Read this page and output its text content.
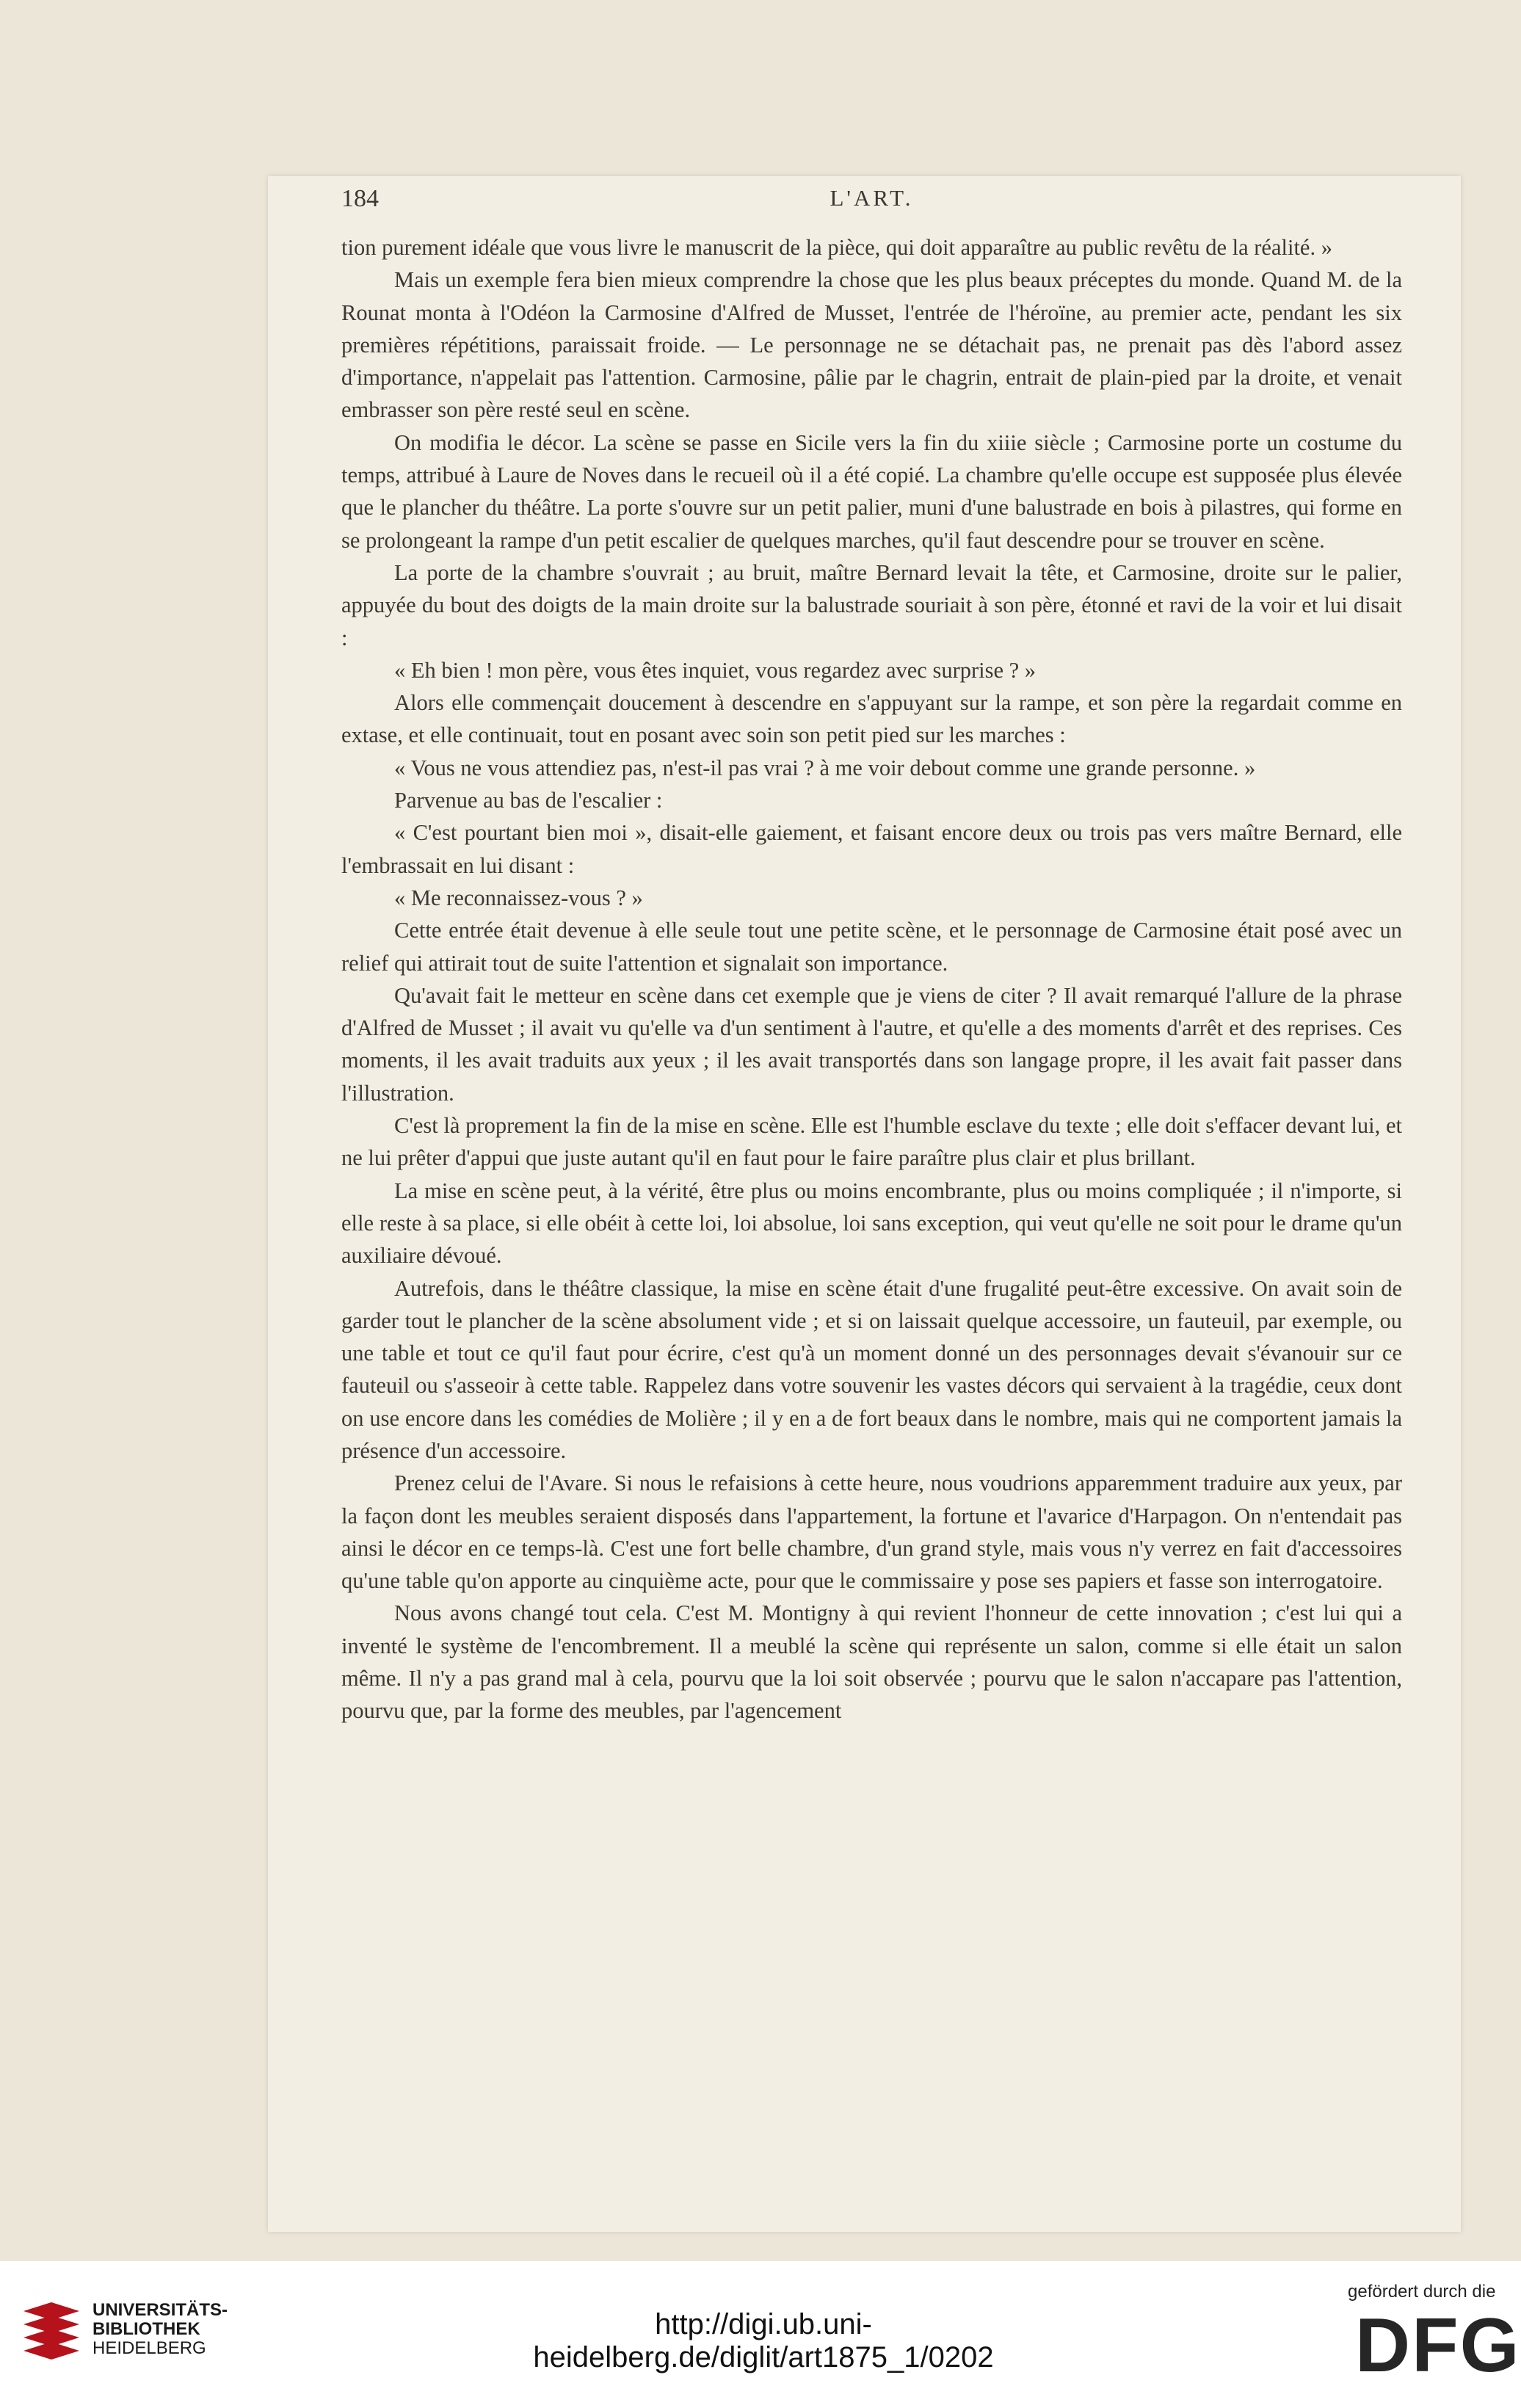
184	L'ART.

tion purement idéale que vous livre le manuscrit de la pièce, qui doit apparaître au public revêtu de la réalité. »

Mais un exemple fera bien mieux comprendre la chose que les plus beaux préceptes du monde. Quand M. de la Rounat monta à l'Odéon la Carmosine d'Alfred de Musset, l'entrée de l'héroïne, au premier acte, pendant les six premières répétitions, paraissait froide. — Le personnage ne se détachait pas, ne prenait pas dès l'abord assez d'importance, n'appelait pas l'attention. Carmosine, pâlie par le chagrin, entrait de plain-pied par la droite, et venait embrasser son père resté seul en scène.

On modifia le décor. La scène se passe en Sicile vers la fin du xiiie siècle ; Carmosine porte un costume du temps, attribué à Laure de Noves dans le recueil où il a été copié. La chambre qu'elle occupe est supposée plus élevée que le plancher du théâtre. La porte s'ouvre sur un petit palier, muni d'une balustrade en bois à pilastres, qui forme en se prolongeant la rampe d'un petit escalier de quelques marches, qu'il faut descendre pour se trouver en scène.

La porte de la chambre s'ouvrait ; au bruit, maître Bernard levait la tête, et Carmosine, droite sur le palier, appuyée du bout des doigts de la main droite sur la balustrade souriait à son père, étonné et ravi de la voir et lui disait :

« Eh bien ! mon père, vous êtes inquiet, vous regardez avec surprise ? »

Alors elle commençait doucement à descendre en s'appuyant sur la rampe, et son père la regardait comme en extase, et elle continuait, tout en posant avec soin son petit pied sur les marches :

« Vous ne vous attendiez pas, n'est-il pas vrai ? à me voir debout comme une grande personne. »

Parvenue au bas de l'escalier :

« C'est pourtant bien moi », disait-elle gaiement, et faisant encore deux ou trois pas vers maître Bernard, elle l'embrassait en lui disant :

« Me reconnaissez-vous ? »

Cette entrée était devenue à elle seule tout une petite scène, et le personnage de Carmosine était posé avec un relief qui attirait tout de suite l'attention et signalait son importance.

Qu'avait fait le metteur en scène dans cet exemple que je viens de citer ? Il avait remarqué l'allure de la phrase d'Alfred de Musset ; il avait vu qu'elle va d'un sentiment à l'autre, et qu'elle a des moments d'arrêt et des reprises. Ces moments, il les avait traduits aux yeux ; il les avait transportés dans son langage propre, il les avait fait passer dans l'illustration.

C'est là proprement la fin de la mise en scène. Elle est l'humble esclave du texte ; elle doit s'effacer devant lui, et ne lui prêter d'appui que juste autant qu'il en faut pour le faire paraître plus clair et plus brillant.

La mise en scène peut, à la vérité, être plus ou moins encombrante, plus ou moins compliquée ; il n'importe, si elle reste à sa place, si elle obéit à cette loi, loi absolue, loi sans exception, qui veut qu'elle ne soit pour le drame qu'un auxiliaire dévoué.

Autrefois, dans le théâtre classique, la mise en scène était d'une frugalité peut-être excessive. On avait soin de garder tout le plancher de la scène absolument vide ; et si on laissait quelque accessoire, un fauteuil, par exemple, ou une table et tout ce qu'il faut pour écrire, c'est qu'à un moment donné un des personnages devait s'évanouir sur ce fauteuil ou s'asseoir à cette table. Rappelez dans votre souvenir les vastes décors qui servaient à la tragédie, ceux dont on use encore dans les comédies de Molière ; il y en a de fort beaux dans le nombre, mais qui ne comportent jamais la présence d'un accessoire.

Prenez celui de l'Avare. Si nous le refaisions à cette heure, nous voudrions apparemment traduire aux yeux, par la façon dont les meubles seraient disposés dans l'appartement, la fortune et l'avarice d'Harpagon. On n'entendait pas ainsi le décor en ce temps-là. C'est une fort belle chambre, d'un grand style, mais vous n'y verrez en fait d'accessoires qu'une table qu'on apporte au cinquième acte, pour que le commissaire y pose ses papiers et fasse son interrogatoire.

Nous avons changé tout cela. C'est M. Montigny à qui revient l'honneur de cette innovation ; c'est lui qui a inventé le système de l'encombrement. Il a meublé la scène qui représente un salon, comme si elle était un salon même. Il n'y a pas grand mal à cela, pourvu que la loi soit observée ; pourvu que le salon n'accapare pas l'attention, pourvu que, par la forme des meubles, par l'agencement

UNIVERSITÄTS-
BIBLIOTHEK
HEIDELBERG
http://digi.ub.uni-heidelberg.de/diglit/art1875_1/0202
gefördert durch die
DFG
